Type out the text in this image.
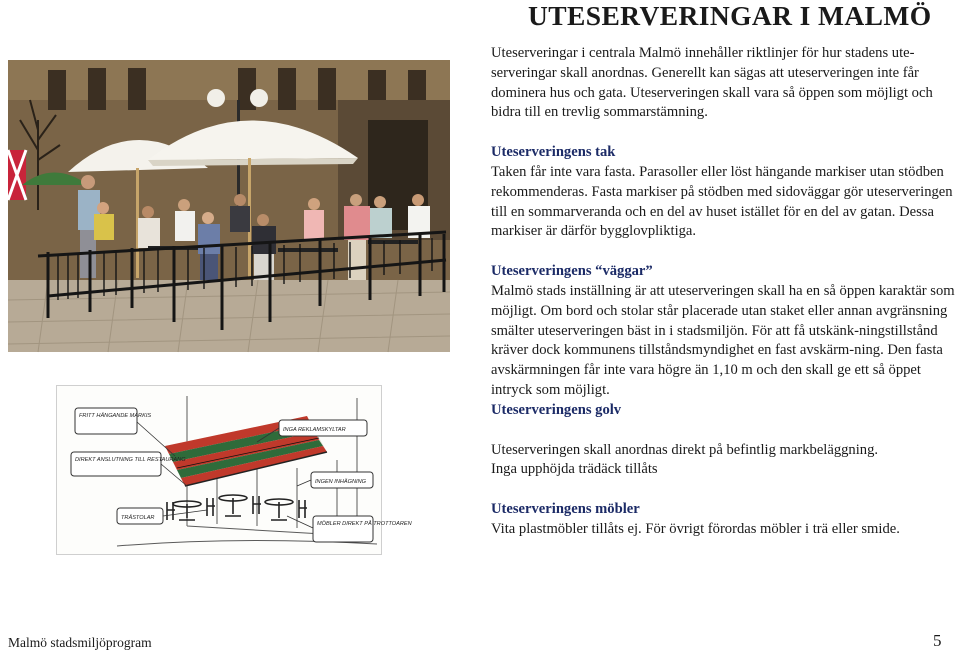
UTESERVERINGAR I MALMÖ
FRITT HÄNGANDE MARKIS
INGA REKLAMSKYLTAR
DIREKT ANSLUTNING TILL RESTAURANG
INGEN INHÄGNING
TRÄSTOLAR
MÖBLER DIREKT PÅ TROTTOAREN

Uteserveringar i centrala Malmö innehåller riktlinjer för hur stadens ute-serveringar skall anordnas. Generellt kan sägas att uteserveringen inte får dominera hus och gata. Uteserveringen skall vara så öppen som möjligt och bidra till en trevlig sommarstämning.

Uteserveringens tak

Taken får inte vara fasta. Parasoller eller löst hängande markiser utan stödben rekommenderas. Fasta markiser på stödben med sidoväggar gör uteserveringen till en sommarveranda och en del av huset istället för en del av gatan. Dessa markiser är därför bygglovpliktiga.

Uteserveringens “väggar”

Malmö stads inställning är att uteserveringen skall ha en så öppen karaktär som möjligt. Om bord och stolar står placerade utan staket eller annan avgränsning smälter uteserveringen bäst in i stadsmiljön. För att få utskänk-ningstillstånd kräver dock kommunens tillståndsmyndighet en fast avskärm-ning. Den fasta avskärmningen får inte vara högre än 1,10 m och den skall ge ett så öppet intryck som möjligt.

Uteserveringens golv

Uteserveringen skall anordnas direkt på befintlig markbeläggning.

Inga upphöjda trädäck tillåts

Uteserveringens möbler

Vita plastmöbler tillåts ej. För övrigt förordas möbler i trä eller smide.

Malmö stadsmiljöprogram	5
